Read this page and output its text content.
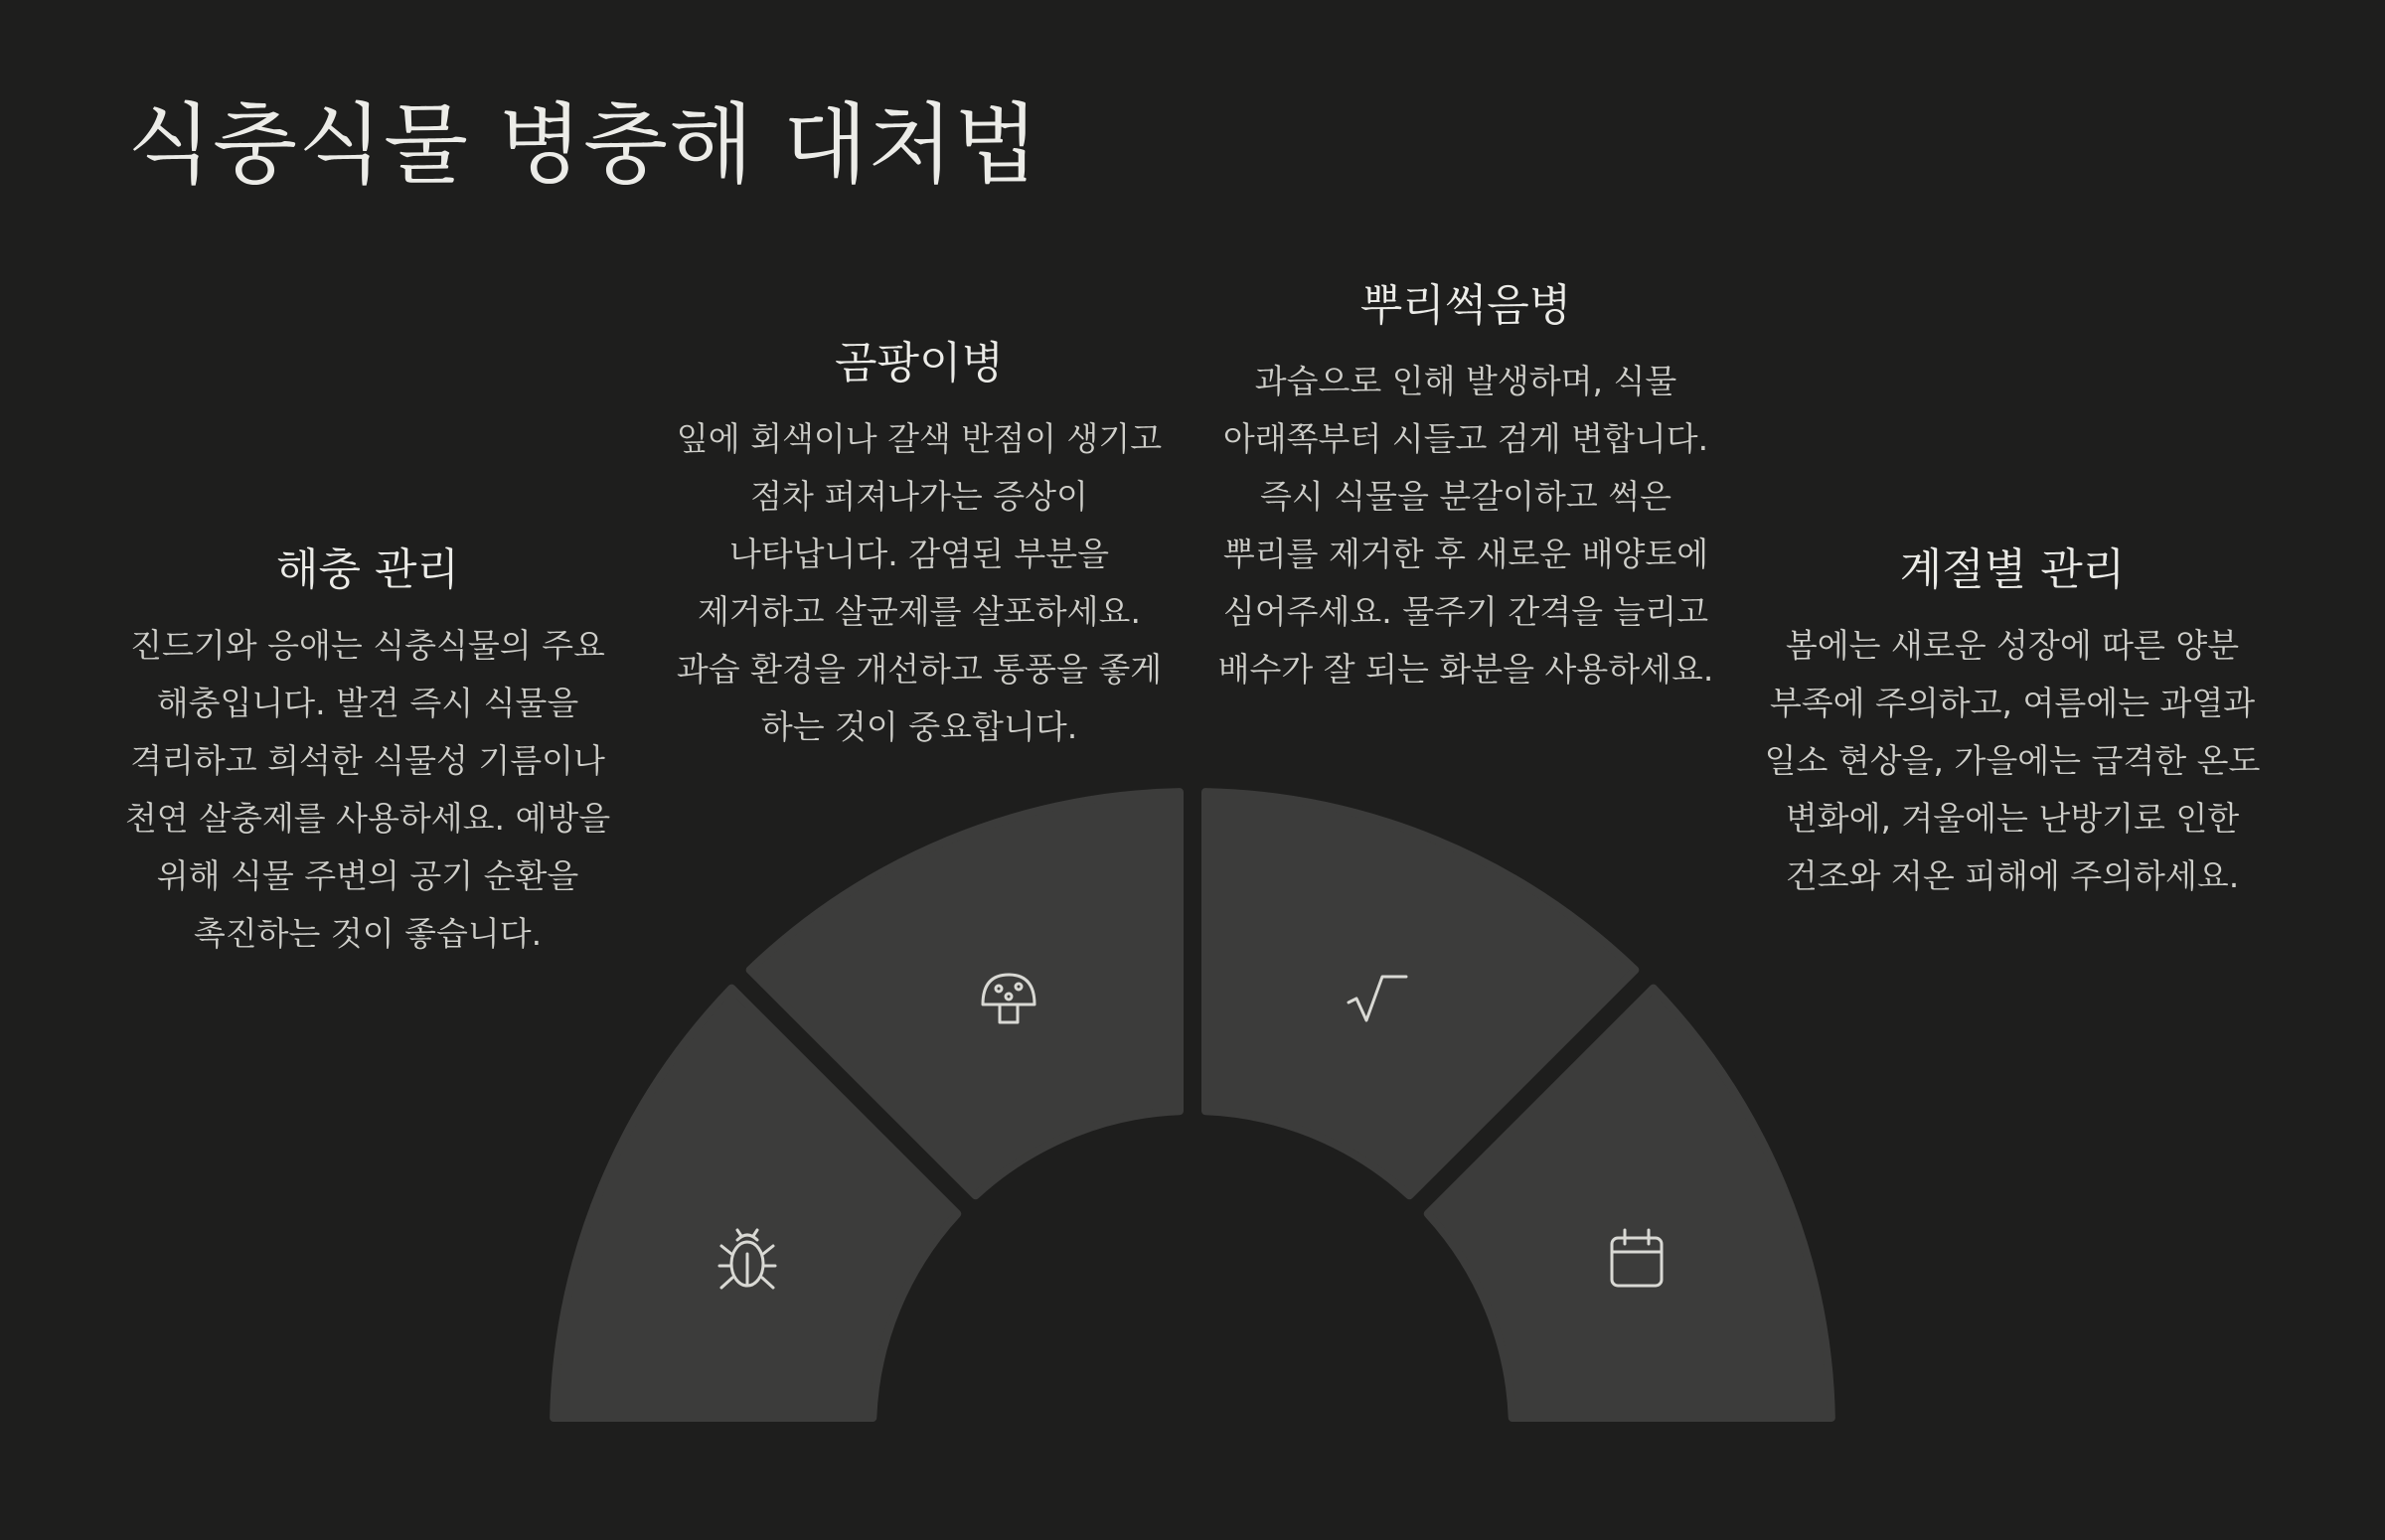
식충식물 병충해 대처법
해충 관리

진드기와 응애는 식충식물의 주요 해충입니다. 발견 즉시 식물을 격리하고 희석한 식물성 기름이나 천연 살충제를 사용하세요. 예방을 위해 식물 주변의 공기 순환을 촉진하는 것이 좋습니다.

곰팡이병

잎에 회색이나 갈색 반점이 생기고 점차 퍼져나가는 증상이 나타납니다. 감염된 부분을 제거하고 살균제를 살포하세요. 과습 환경을 개선하고 통풍을 좋게 하는 것이 중요합니다.

뿌리썩음병

과습으로 인해 발생하며, 식물 아래쪽부터 시들고 검게 변합니다. 즉시 식물을 분갈이하고 썩은 뿌리를 제거한 후 새로운 배양토에 심어주세요. 물주기 간격을 늘리고 배수가 잘 되는 화분을 사용하세요.

계절별 관리

봄에는 새로운 성장에 따른 양분 부족에 주의하고, 여름에는 과열과 일소 현상을, 가을에는 급격한 온도 변화에, 겨울에는 난방기로 인한 건조와 저온 피해에 주의하세요.
